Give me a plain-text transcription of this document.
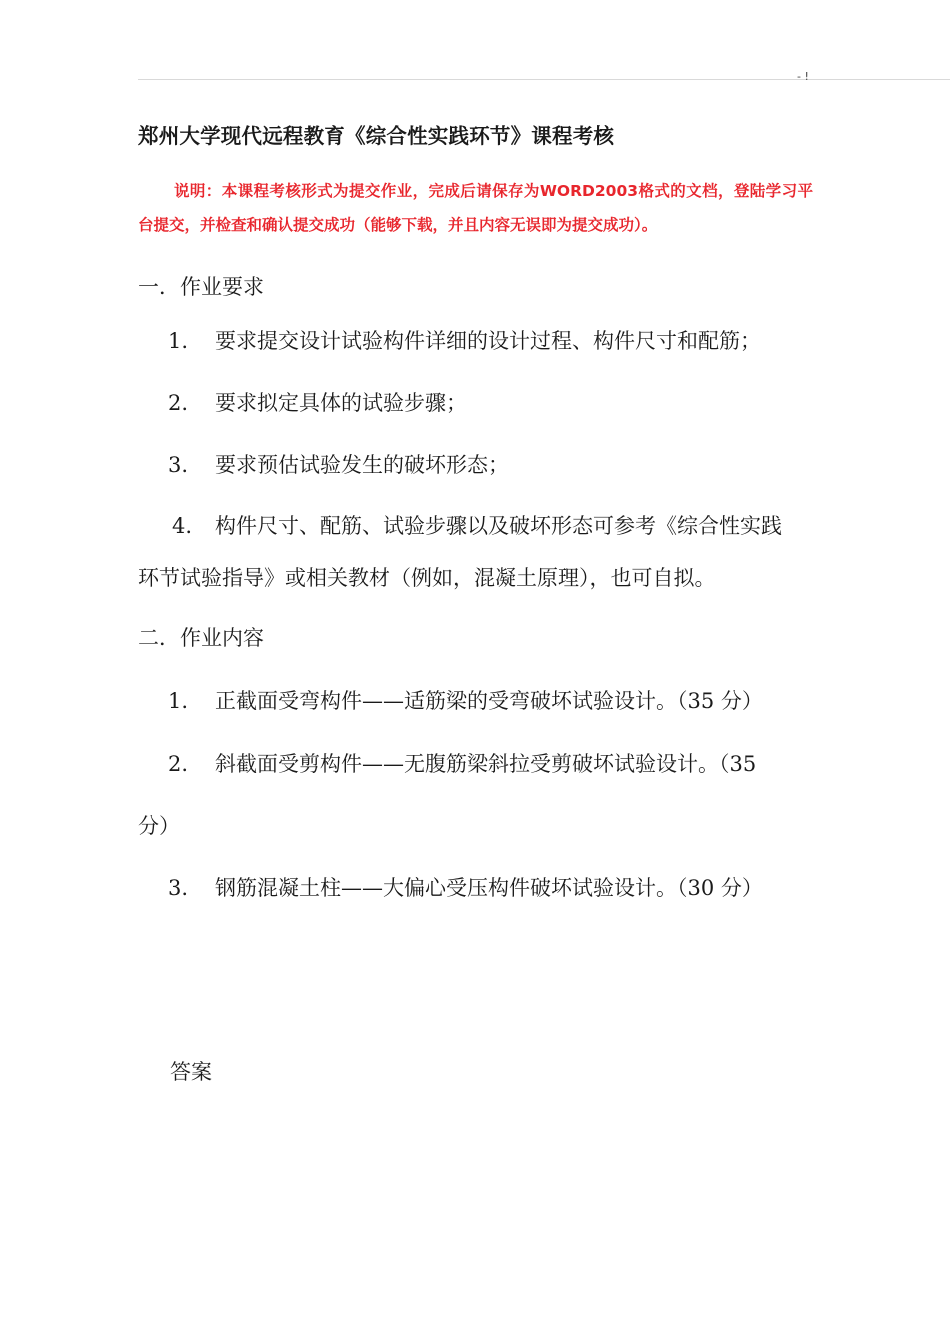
- !
郑州大学现代远程教育《综合性实践环节》课程考核
说明：本课程考核形式为提交作业，完成后请保存为WORD2003格式的文档，登陆学习平台提交，并检查和确认提交成功（能够下载，并且内容无误即为提交成功）。
一．作业要求
1. 要求提交设计试验构件详细的设计过程、构件尺寸和配筋；
2. 要求拟定具体的试验步骤；
3. 要求预估试验发生的破坏形态；
4. 构件尺寸、配筋、试验步骤以及破坏形态可参考《综合性实践
环节试验指导》或相关教材（例如，混凝土原理），也可自拟。
二．作业内容
1. 正截面受弯构件——适筋梁的受弯破坏试验设计。（35 分）
2. 斜截面受剪构件——无腹筋梁斜拉受剪破坏试验设计。（35
分）
3. 钢筋混凝土柱——大偏心受压构件破坏试验设计。（30 分）
答案
